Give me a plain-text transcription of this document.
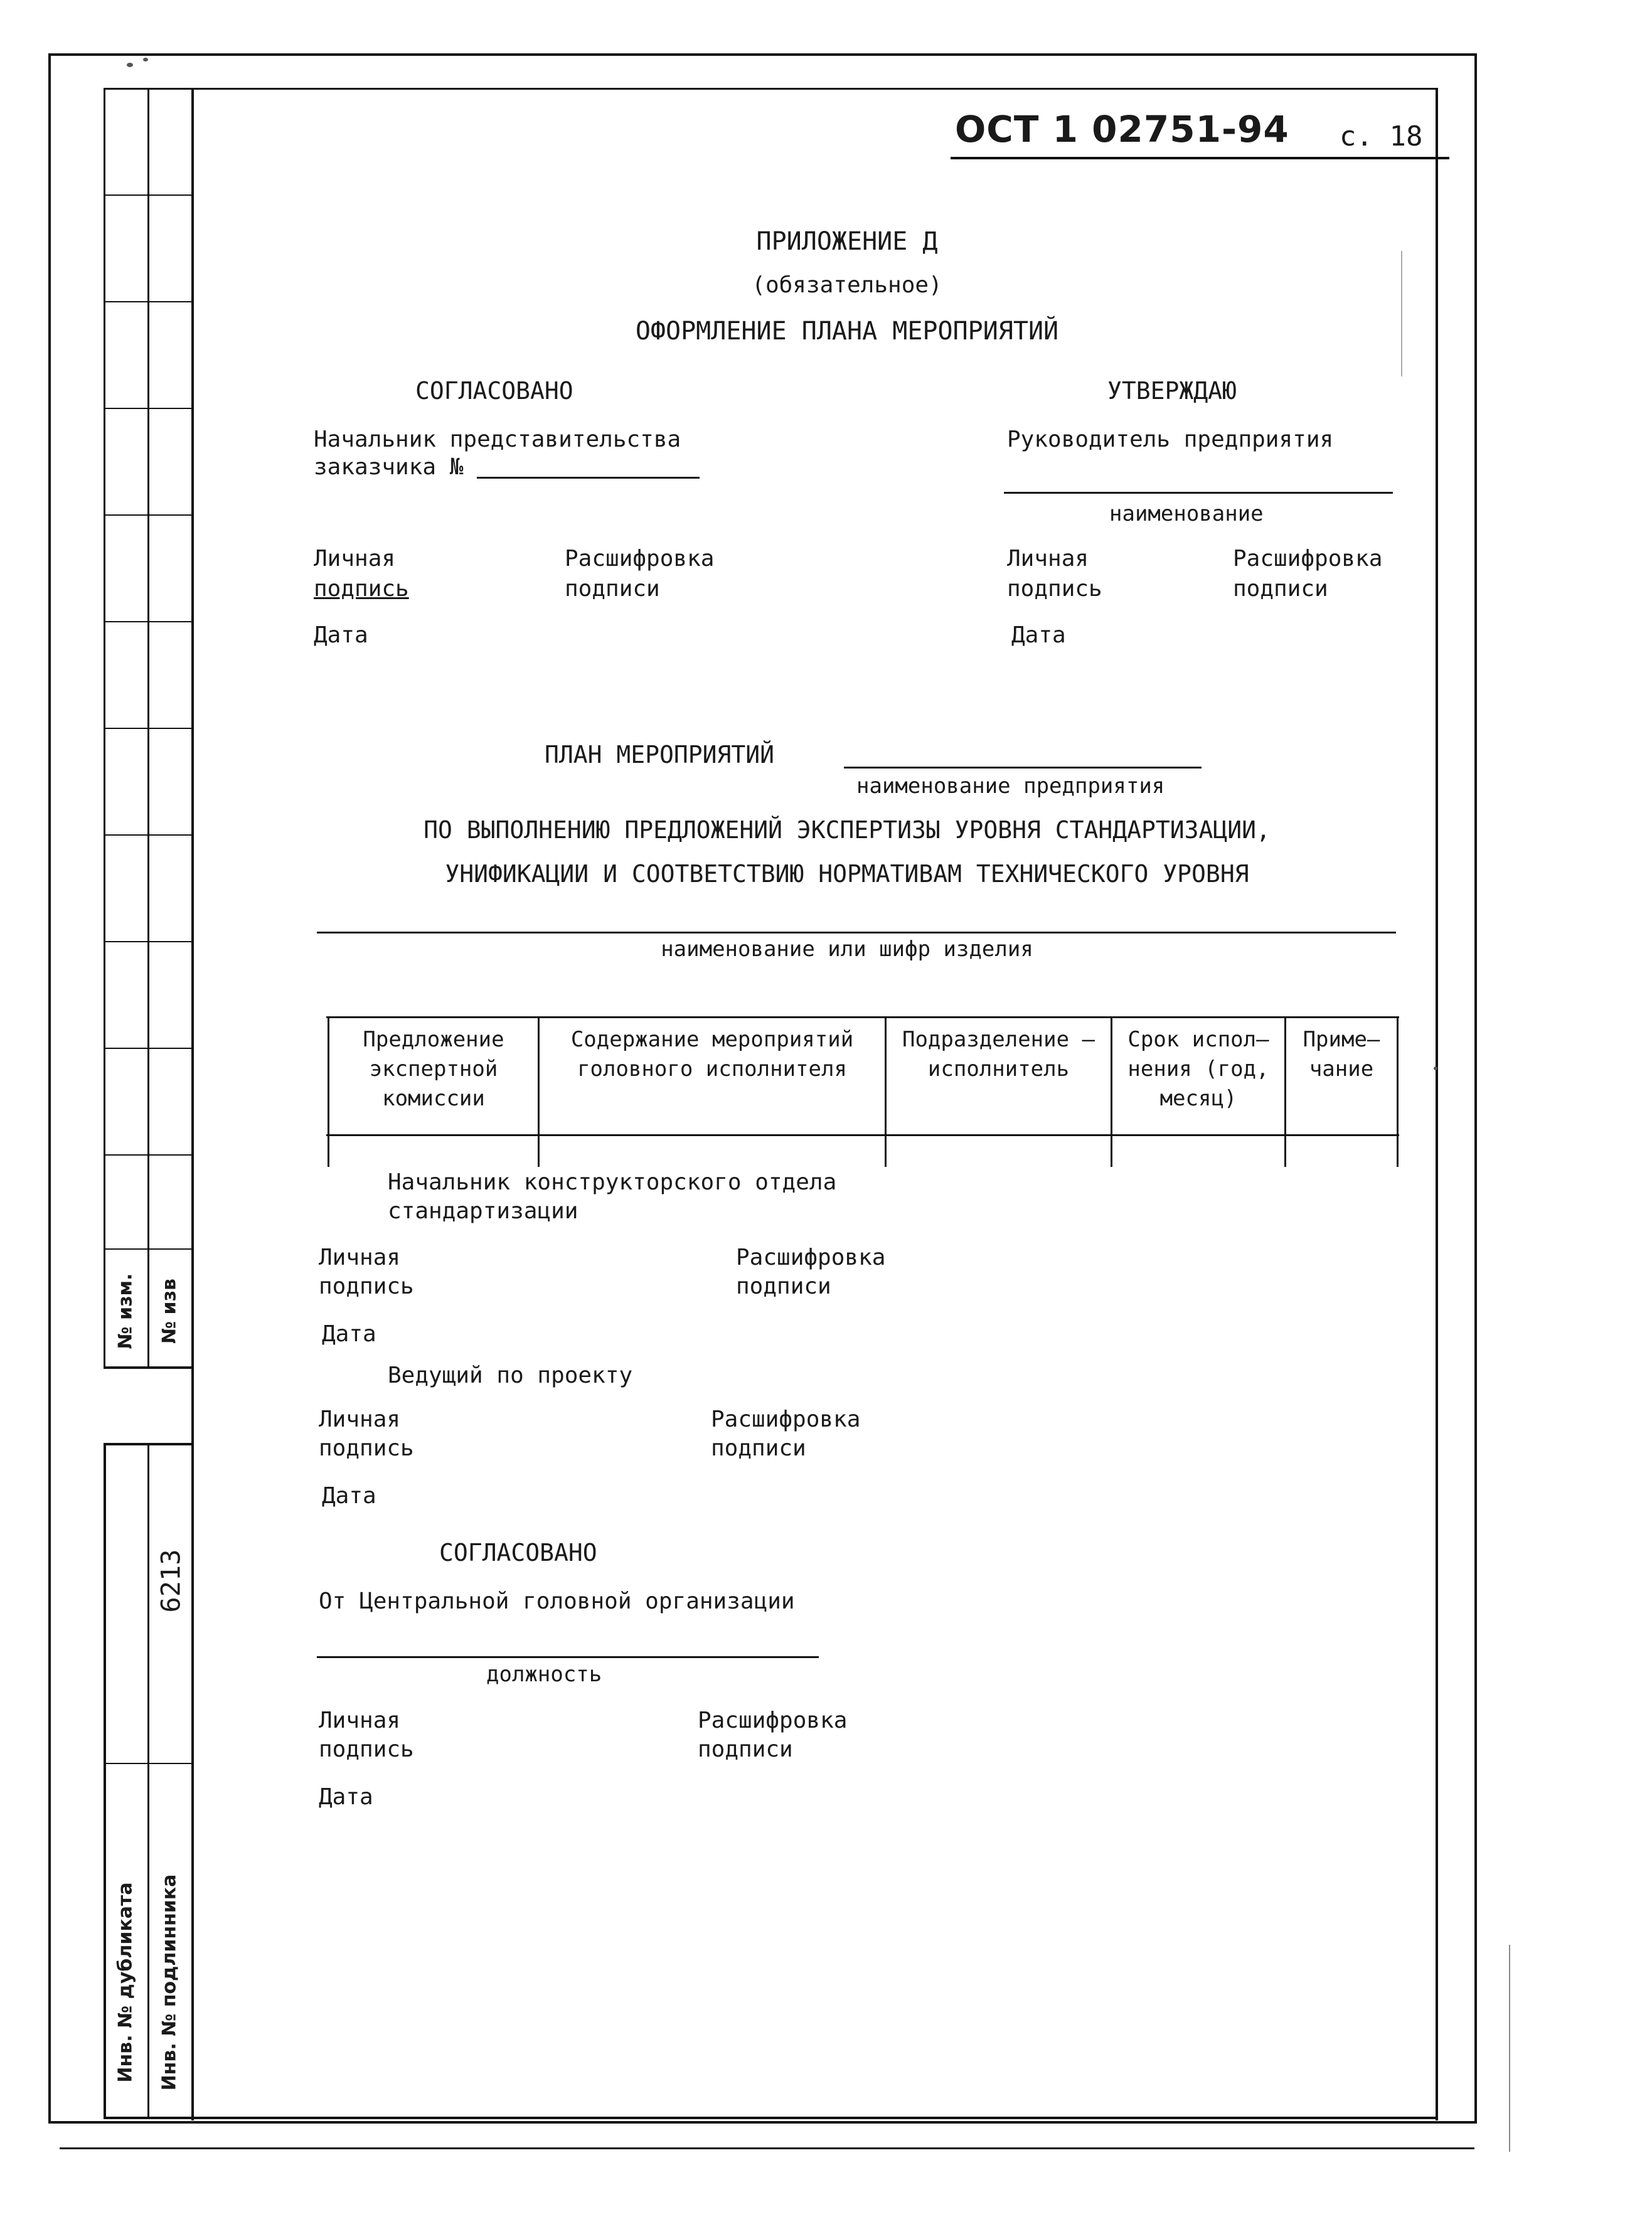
№ изм. № изв
6213
Инв. № дубликата Инв. № подлинника
ОСТ 1 02751-94 с. 18
ПРИЛОЖЕНИЕ Д
(обязательное)
ОФОРМЛЕНИЕ ПЛАНА МЕРОПРИЯТИЙ
СОГЛАСОВАНО
Начальник представительства
заказчика №
Личная
подпись
Расшифровка
подписи
Дата
УТВЕРЖДАЮ
Руководитель предприятия
наименование
Личная
подпись
Расшифровка
подписи
Дата
ПЛАН МЕРОПРИЯТИЙ
наименование предприятия
ПО ВЫПОЛНЕНИЮ ПРЕДЛОЖЕНИЙ ЭКСПЕРТИЗЫ УРОВНЯ СТАНДАРТИЗАЦИИ,
УНИФИКАЦИИ И СООТВЕТСТВИЮ НОРМАТИВАМ ТЕХНИЧЕСКОГО УРОВНЯ
наименование или шифр изделия
Предложение
экспертной
комиссии
Содержание мероприятий
головного исполнителя
Подразделение –
исполнитель
Срок испол–
нения (год,
месяц)
Приме–
чание
Начальник конструкторского отдела
стандартизации
Личная
подпись
Расшифровка
подписи
Дата
Ведущий по проекту
Личная
подпись
Расшифровка
подписи
Дата
СОГЛАСОВАНО
От Центральной головной организации
должность
Личная
подпись
Расшифровка
подписи
Дата
